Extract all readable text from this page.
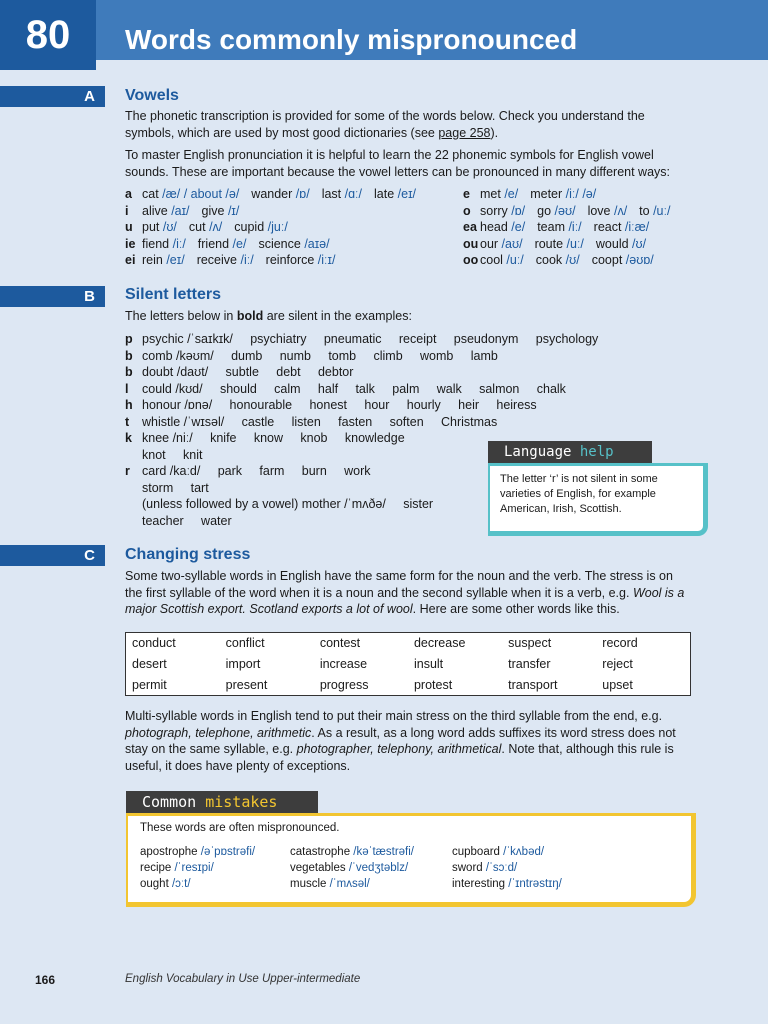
80	Words commonly mispronounced
A	Vowels
The phonetic transcription is provided for some of the words below. Check you understand the symbols, which are used by most good dictionaries (see page 258).
To master English pronunciation it is helpful to learn the 22 phonemic symbols for English vowel sounds. These are important because the vowel letters can be pronounced in many different ways:
a cat /æ/ / about /ə/ wander /ɒ/ last /ɑː/ late /eɪ/
i alive /aɪ/ give /ɪ/
u put /ʊ/ cut /ʌ/ cupid /juː/
ie fiend /iː/ friend /e/ science /aɪə/
ei rein /eɪ/ receive /iː/ reinforce /iːɪ/
e met /e/ meter /iː/ /ə/
o sorry /ɒ/ go /əʊ/ love /ʌ/ to /uː/
ea head /e/ team /iː/ react /iːæ/
ou our /aʊ/ route /uː/ would /ʊ/
oo cool /uː/ cook /ʊ/ coopt /əʊɒ/
B	Silent letters
The letters below in bold are silent in the examples:
p psychic /ˈsaɪkɪk/     psychiatry     pneumatic     receipt     pseudonym     psychology
b comb /kəʊm/     dumb     numb     tomb     climb     womb     lamb
b doubt /daʊt/     subtle     debt     debtor
l could /kʊd/     should     calm     half     talk     palm     walk     salmon     chalk
h honour /ɒnə/     honourable     honest     hour     hourly     heir     heiress
t whistle /ˈwɪsəl/     castle     listen     fasten     soften     Christmas
k knee /niː/     knife     know     knob     knowledge
knot     knit
r card /kaːd/     park     farm     burn     work
storm     tart
(unless followed by a vowel) mother /ˈmʌðə/     sister
teacher     water
Language help
The letter ‘r’ is not silent in some varieties of English, for example American, Irish, Scottish.
C	Changing stress
Some two-syllable words in English have the same form for the noun and the verb. The stress is on the first syllable of the word when it is a noun and the second syllable when it is a verb, e.g. Wool is a major Scottish export. Scotland exports a lot of wool. Here are some other words like this.
conduct	conflict	contest	decrease	suspect	record
desert	import	increase	insult	transfer	reject
permit	present	progress	protest	transport	upset
Multi-syllable words in English tend to put their main stress on the third syllable from the end, e.g. photograph, telephone, arithmetic. As a result, as a long word adds suffixes its word stress does not stay on the same syllable, e.g. photographer, telephony, arithmetical. Note that, although this rule is useful, it does have plenty of exceptions.
Common mistakes
These words are often mispronounced.
apostrophe /əˈpɒstrəfi/	catastrophe /kəˈtæstrəfi/	cupboard /ˈkʌbəd/
recipe /ˈresɪpi/	vegetables /ˈvedʒtəblz/	sword /ˈsɔːd/
ought /ɔːt/	muscle /ˈmʌsəl/	interesting /ˈɪntrəstɪŋ/
166	English Vocabulary in Use Upper-intermediate
